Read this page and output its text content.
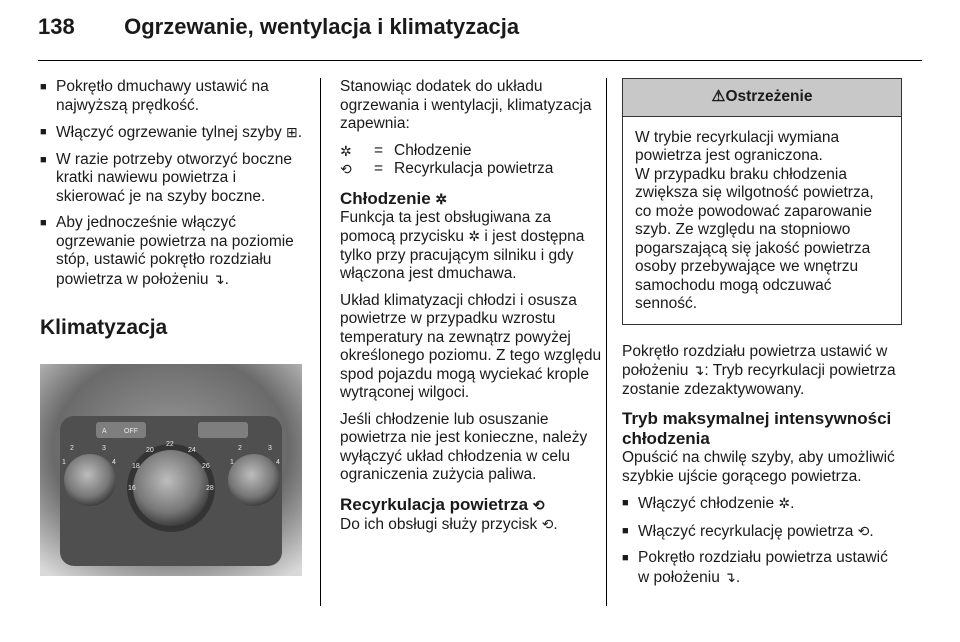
138 Ogrzewanie, wentylacja i klimatyzacja
■ Pokrętło dmuchawy ustawić na najwyższą prędkość.
■ Włączyć ogrzewanie tylnej szyby ⊞.
■ W razie potrzeby otworzyć boczne kratki nawiewu powietrza i skierować je na szyby boczne.
■ Aby jednocześnie włączyć ogrzewanie powietrza na poziomie stóp, ustawić pokrętło rozdziału powietrza w położeniu ↴.
Klimatyzacja
1
2	3
4
16
18
20
22
24
26
28
1
2	3
4
A OFF

Stanowiąc dodatek do układu ogrzewania i wentylacji, klimatyzacja zapewnia:

✲	= Chłodzenie
⟲	= Recyrkulacja powietrza
Chłodzenie ✲

Funkcja ta jest obsługiwana za pomocą przycisku ✲ i jest dostępna tylko przy pracującym silniku i gdy włączona jest dmuchawa.

Układ klimatyzacji chłodzi i osusza powietrze w przypadku wzrostu temperatury na zewnątrz powyżej określonego poziomu. Z tego względu spod pojazdu mogą wyciekać krople wytrąconej wilgoci.

Jeśli chłodzenie lub osuszanie powietrza nie jest konieczne, należy wyłączyć układ chłodzenia w celu ograniczenia zużycia paliwa.

Recyrkulacja powietrza ⟲

Do ich obsługi służy przycisk ⟲.

⚠Ostrzeżenie
W trybie recyrkulacji wymiana powietrza jest ograniczona.
W przypadku braku chłodzenia zwiększa się wilgotność powietrza, co może powodować zaparowanie szyb. Ze względu na stopniowo pogarszającą się jakość powietrza osoby przebywające we wnętrzu samochodu mogą odczuwać senność.

Pokrętło rozdziału powietrza ustawić w położeniu ↴: Tryb recyrkulacji powietrza zostanie zdezaktywowany.

Tryb maksymalnej intensywności chłodzenia

Opuścić na chwilę szyby, aby umożliwić szybkie ujście gorącego powietrza.

■ Włączyć chłodzenie ✲.
■ Włączyć recyrkulację powietrza ⟲.
■ Pokrętło rozdziału powietrza ustawić w położeniu ↴.
